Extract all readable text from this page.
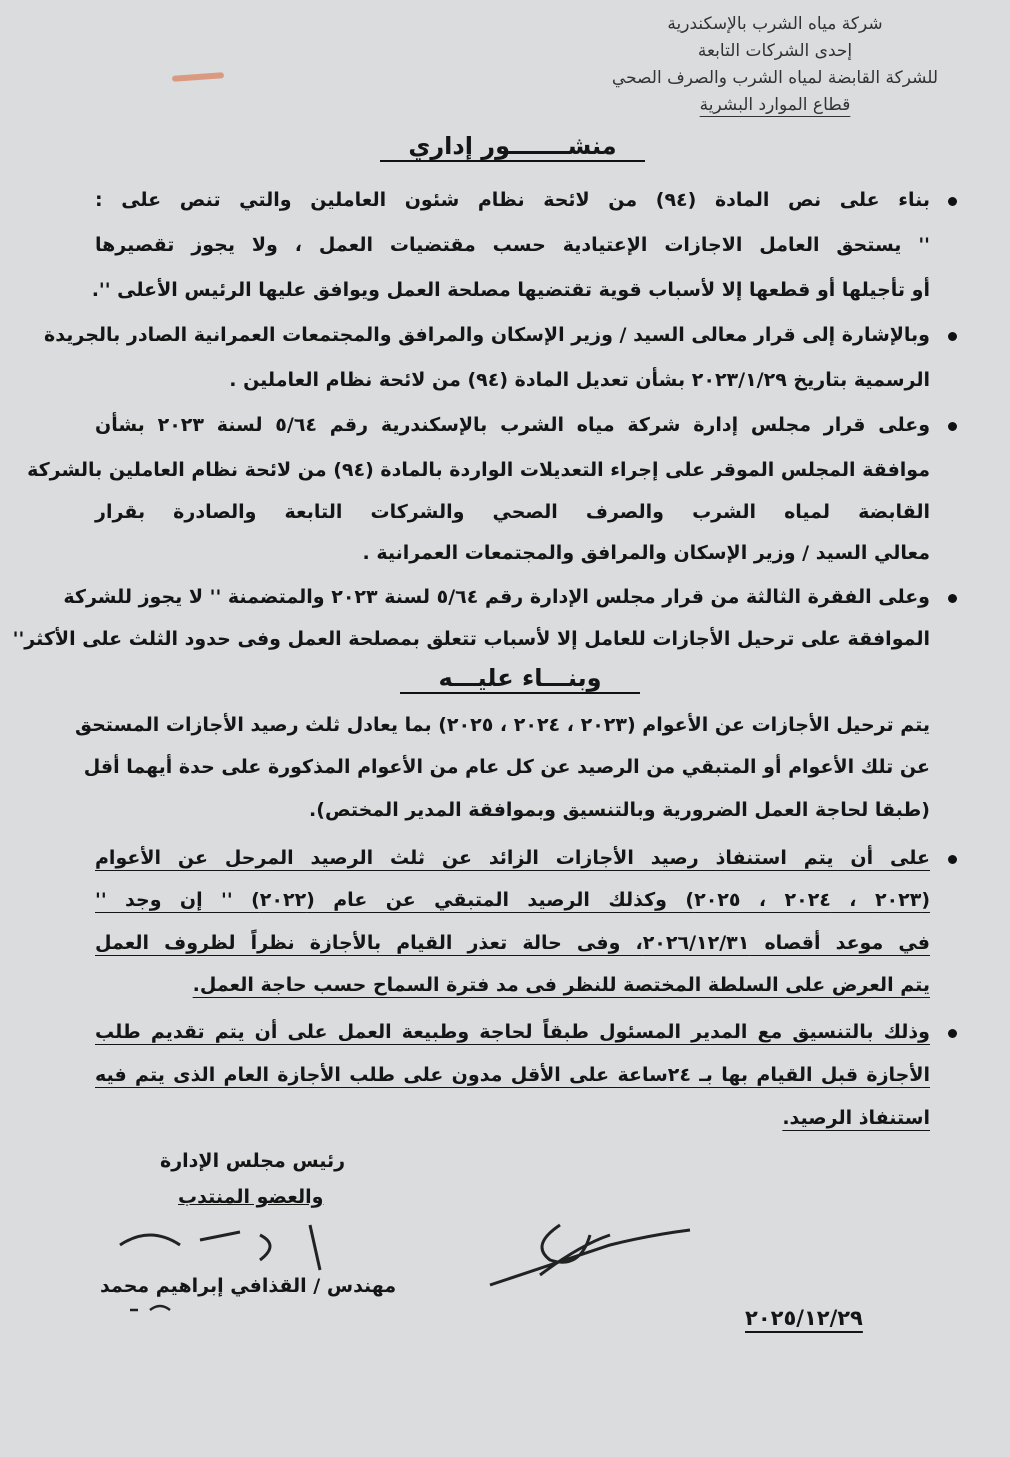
شركة مياه الشرب بالإسكندرية
إحدى الشركات التابعة
للشركة القابضة لمياه الشرب والصرف الصحي
قطاع الموارد البشرية
منشـــــــور إداري
بناء على نص المادة (٩٤) من لائحة نظام شئون العاملين والتي تنص على :
'' يستحق العامل الاجازات الإعتيادية حسب مقتضيات العمل ، ولا يجوز تقصيرها
أو تأجيلها أو قطعها إلا لأسباب قوية تقتضيها مصلحة العمل ويوافق عليها الرئيس الأعلى ''.
وبالإشارة إلى قرار معالى السيد / وزير الإسكان والمرافق والمجتمعات العمرانية الصادر بالجريدة
الرسمية بتاريخ ٢٠٢٣/١/٢٩ بشأن تعديل المادة (٩٤) من لائحة نظام العاملين .
وعلى قرار مجلس إدارة شركة مياه الشرب بالإسكندرية رقم ٥/٦٤ لسنة ٢٠٢٣ بشأن
موافقة المجلس الموقر على إجراء التعديلات الواردة بالمادة (٩٤) من لائحة نظام العاملين بالشركة
القابضة لمياه الشرب والصرف الصحي والشركات التابعة والصادرة بقرار
معالي السيد / وزير الإسكان والمرافق والمجتمعات العمرانية .
وعلى الفقرة الثالثة من قرار مجلس الإدارة رقم ٥/٦٤ لسنة ٢٠٢٣ والمتضمنة '' لا يجوز للشركة
الموافقة على ترحيل الأجازات للعامل إلا لأسباب تتعلق بمصلحة العمل وفى حدود الثلث على الأكثر''
يتم ترحيل الأجازات عن الأعوام (٢٠٢٣ ، ٢٠٢٤ ، ٢٠٢٥) بما يعادل ثلث رصيد الأجازات المستحق
عن تلك الأعوام أو المتبقي من الرصيد عن كل عام من الأعوام المذكورة على حدة أيهما أقل
(طبقا لحاجة العمل الضرورية وبالتنسيق وبموافقة المدير المختص).
على أن يتم استنفاذ رصيد الأجازات الزائد عن ثلث الرصيد المرحل عن الأعوام
(٢٠٢٣ ، ٢٠٢٤ ، ٢٠٢٥) وكذلك الرصيد المتبقي عن عام (٢٠٢٢) '' إن وجد ''
في موعد أقصاه ٢٠٢٦/١٢/٣١، وفى حالة تعذر القيام بالأجازة نظراً لظروف العمل
يتم العرض على السلطة المختصة للنظر فى مد فترة السماح حسب حاجة العمل.
وذلك بالتنسيق مع المدير المسئول طبقاً لحاجة وطبيعة العمل على أن يتم تقديم طلب
الأجازة قبل القيام بها بـ ٢٤ساعة على الأقل مدون على طلب الأجازة العام الذى يتم فيه
استنفاذ الرصيد.
وبنـــاء عليـــه
رئيس مجلس الإدارة
والعضو المنتدب
مهندس / القذافي إبراهيم محمد
٢٠٢٥/١٢/٢٩
